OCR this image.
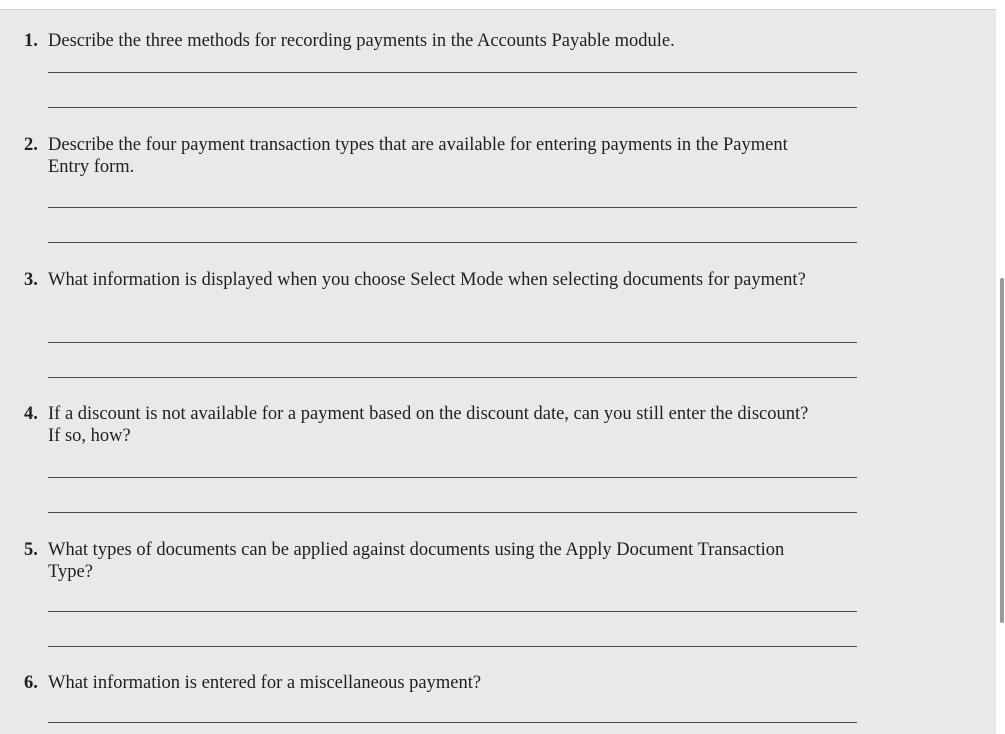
1. Describe the three methods for recording payments in the Accounts Payable module.
2. Describe the four payment transaction types that are available for entering payments in the Payment Entry form.
3. What information is displayed when you choose Select Mode when selecting documents for payment?
4. If a discount is not available for a payment based on the discount date, can you still enter the discount? If so, how?
5. What types of documents can be applied against documents using the Apply Document Transaction Type?
6. What information is entered for a miscellaneous payment?
